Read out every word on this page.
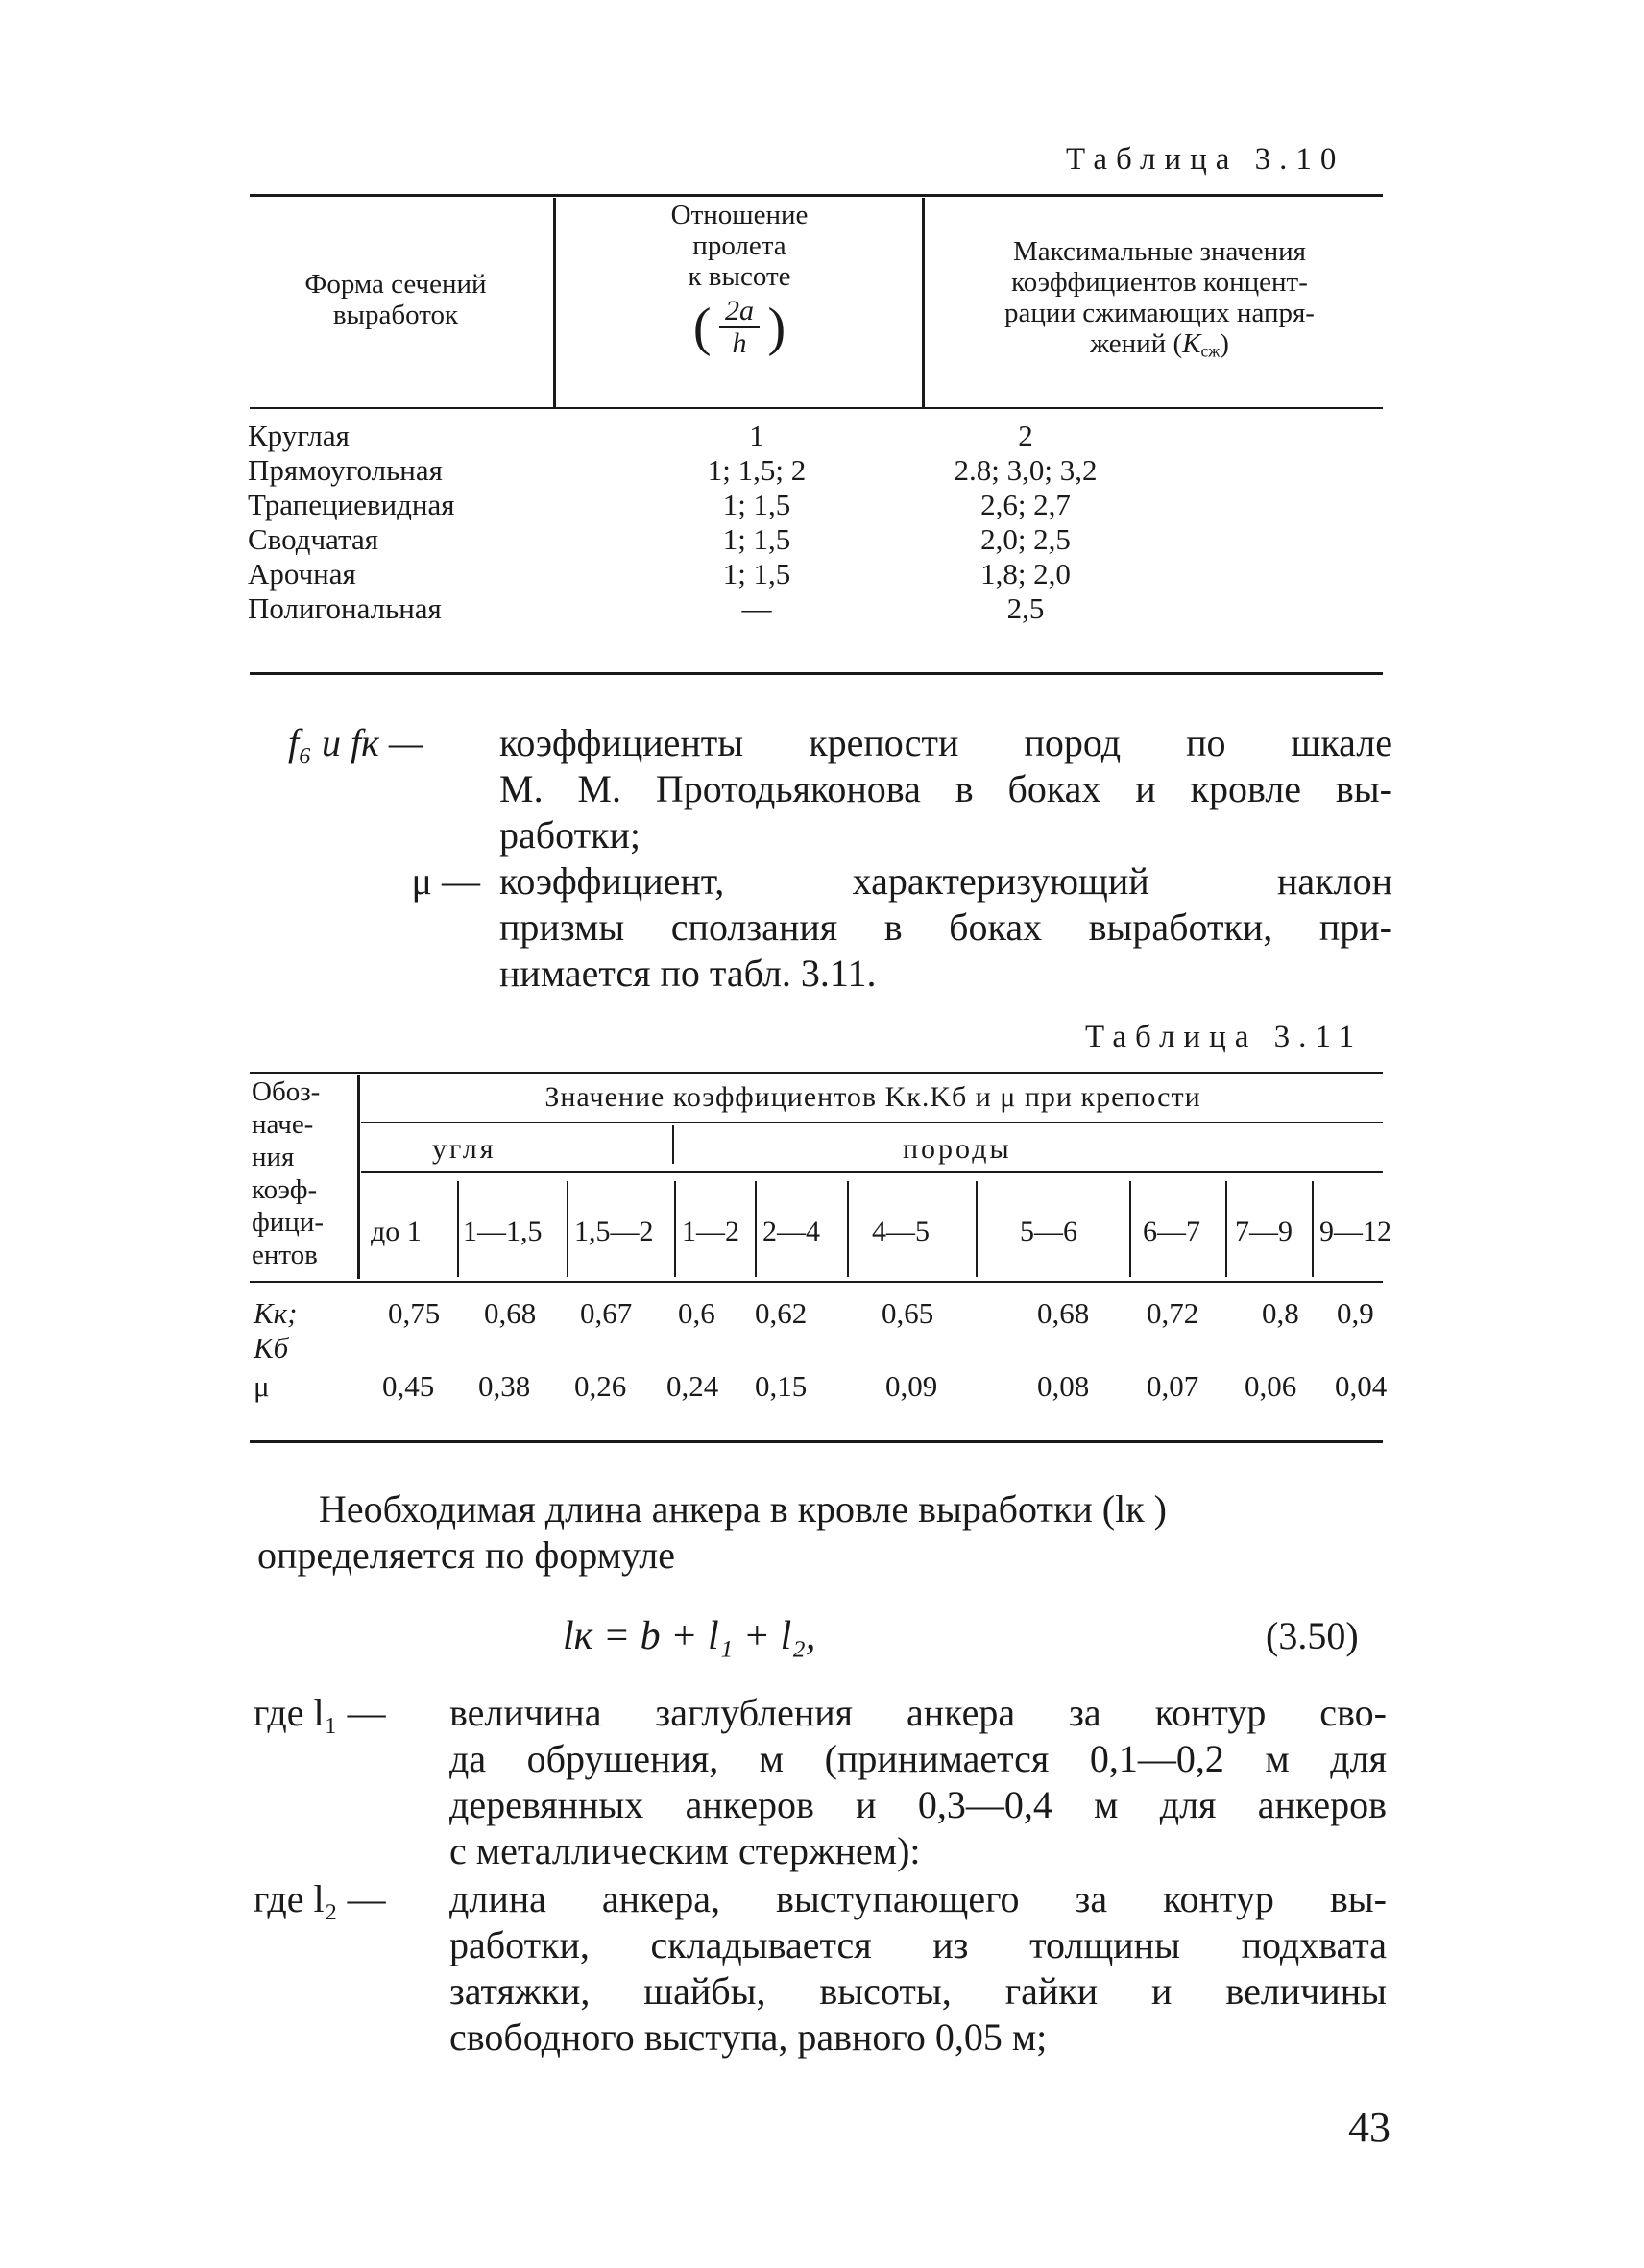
Таблица 3.10
Форма сечений
выработок
Отношение
пролета
к высоте
( $\frac{2a}{h}$ )
Максимальные значения
коэффициентов концент-
рации сжимающих напря-
жений $(K_{сж})$
Круглая	1	2
Прямоугольная	1; 1,5; 2	2.8; 3,0; 3,2
Трапециевидная	1; 1,5	2,6; 2,7
Сводчатая	1; 1,5	2,0; 2,5
Арочная	1; 1,5	1,8; 2,0
Полигональная	—	2,5
f₆ и fк —	коэффициенты крепости пород по шкале
М. М. Протодьяконова в боках и кровле вы-
работки;
μ — коэффициент, характеризующий наклон
призмы сползания в боках выработки, при-
нимается по табл. 3.11.
Таблица 3.11
Обоз-
наче-
ния
коэф-
фици-
ентов
Значение коэффициентов Kк.Kб и μ при крепости
угля	породы
до 1 1—1,5 1,5—2 1—2 2—4 4—5	5—6 6—7 7—9 9—12
Kк;
Kб
0,75 0,68 0,67 0,6 0,62	0,65	0,68 0,72 0,8 0,9
μ	0,45 0,38 0,26 0,24 0,15	0,09	0,08 0,07 0,06 0,04
Необходимая длина анкера в кровле выработки (lк )
определяется по формуле
lк = b + l₁ + l₂,	(3.50)
где l₁ —	величина заглубления анкера за контур сво-
да обрушения, м (принимается 0,1—0,2 м для
деревянных анкеров и 0,3—0,4 м для анкеров
с металлическим стержнем):
где l₂ —	длина анкера, выступающего за контур вы-
работки, складывается из толщины подхвата
затяжки, шайбы, высоты, гайки и величины
свободного выступа, равного 0,05 м;
43
